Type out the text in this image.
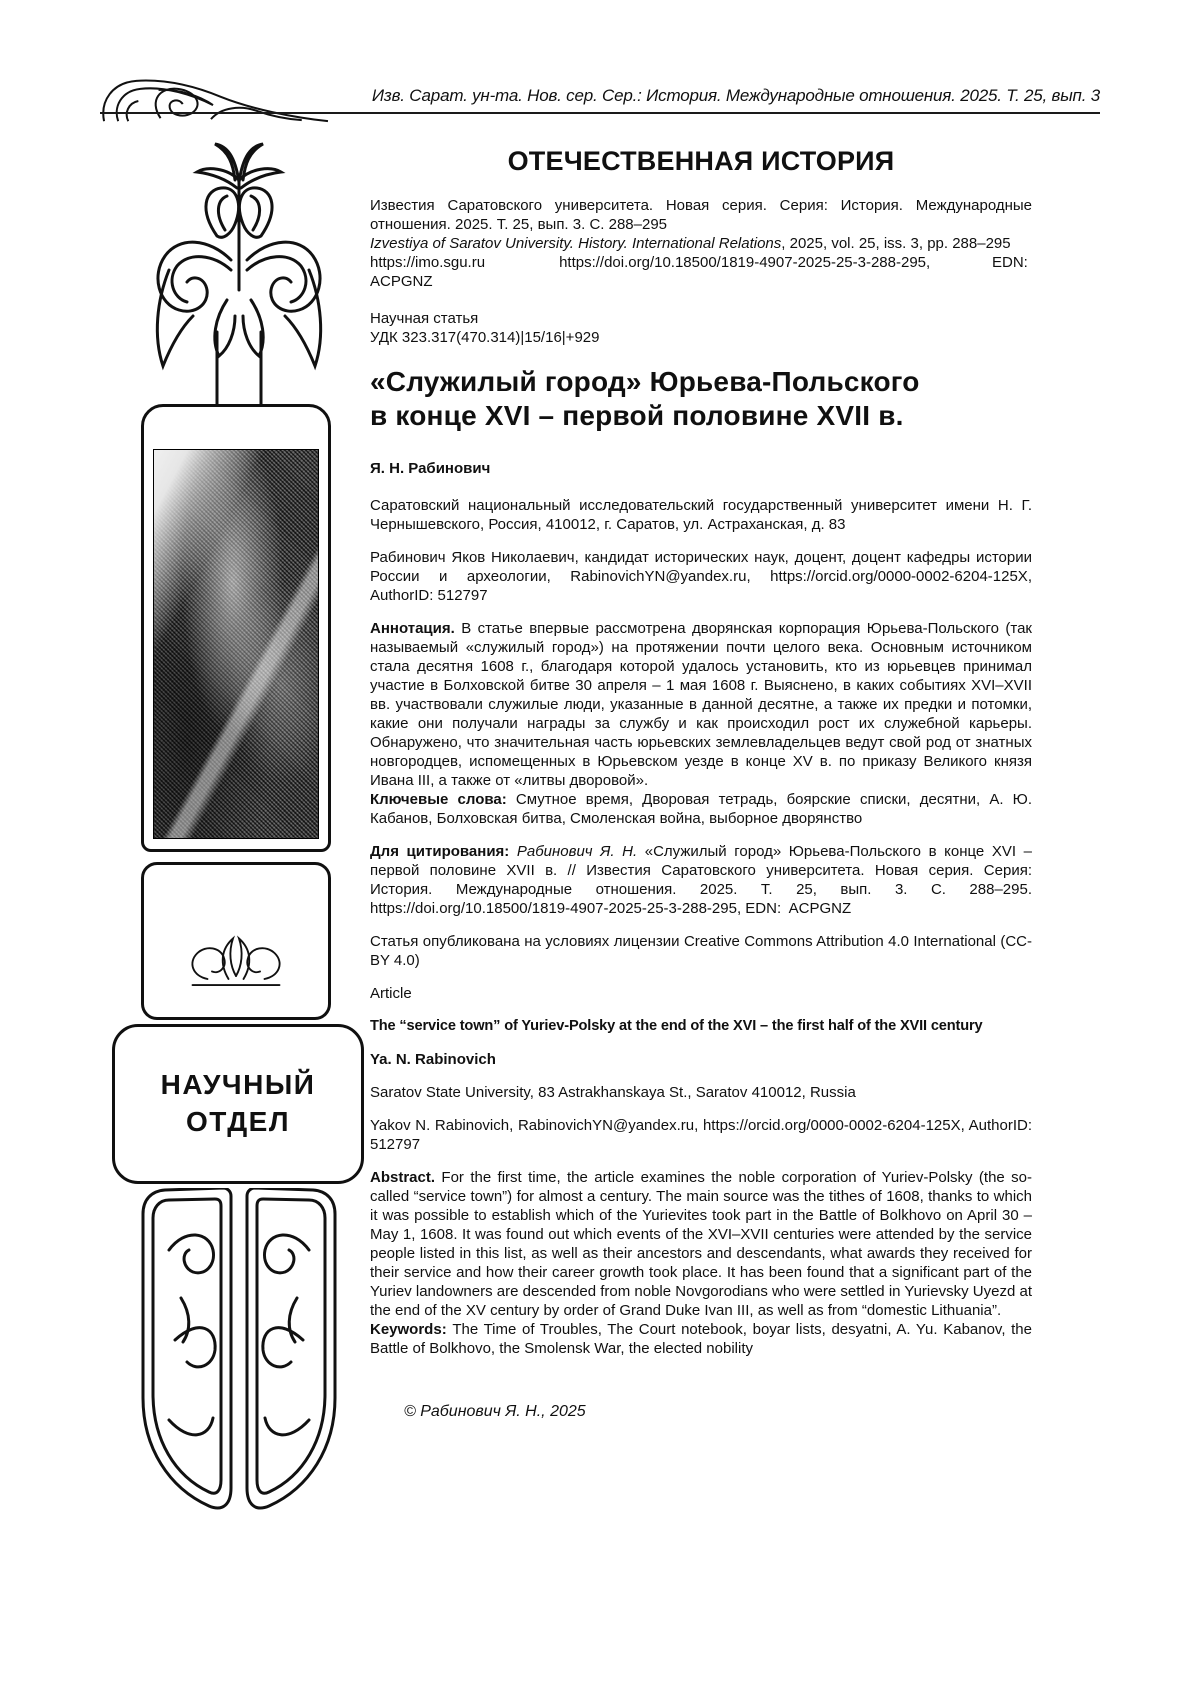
Изв. Сарат. ун-та. Нов. сер. Сер.: История. Международные отношения. 2025. Т. 25, вып. 3
НАУЧНЫЙ
ОТДЕЛ
ОТЕЧЕСТВЕННАЯ ИСТОРИЯ

Известия Саратовского университета. Новая серия. Серия: История. Международные отношения. 2025. Т. 25, вып. 3. С. 288–295

Izvestiya of Saratov University. History. International Relations, 2025, vol. 25, iss. 3, pp. 288–295

https://imo.sgu.ru	https://doi.org/10.18500/1819-4907-2025-25-3-288-295, EDN:  ACPGNZ

Научная статья

УДК 323.317(470.314)|15/16|+929

«Служилый город» Юрьева-Польского
в конце XVI – первой половине XVII в.

Я. Н. Рабинович

Саратовский национальный исследовательский государственный университет имени Н. Г. Чернышевского, Россия, 410012, г. Саратов, ул. Астраханская, д. 83

Рабинович Яков Николаевич, кандидат исторических наук, доцент, доцент кафедры истории России и археологии, RabinovichYN@yandex.ru, https://orcid.org/0000-0002-6204-125X, AuthorID: 512797

Аннотация. В статье впервые рассмотрена дворянская корпорация Юрьева-Польского (так называемый «служилый город») на протяжении почти целого века. Основным источником стала десятня 1608 г., благодаря которой удалось установить, кто из юрьевцев принимал участие в Болховской битве 30 апреля – 1 мая 1608 г. Выяснено, в каких событиях XVI–XVII вв. участвовали служилые люди, указанные в данной десятне, а также их предки и потомки, какие они получали награды за службу и как происходил рост их служебной карьеры. Обнаружено, что значительная часть юрьевских землевладельцев ведут свой род от знатных новгородцев, испомещенных в Юрьевском уезде в конце XV в. по приказу Великого князя Ивана III, а также от «литвы дворовой».

Ключевые слова: Смутное время, Дворовая тетрадь, боярские списки, десятни, А. Ю. Кабанов, Болховская битва, Смоленская война, выборное дворянство

Для цитирования: Рабинович Я. Н. «Служилый город» Юрьева-Польского в конце XVI – первой половине XVII в. // Известия Саратовского университета. Новая серия. Серия: История. Международные отношения. 2025. Т. 25, вып. 3. С. 288–295. https://doi.org/10.18500/1819-4907-2025-25-3-288-295, EDN:  ACPGNZ

Статья опубликована на условиях лицензии Creative Commons Attribution 4.0 International (CC-BY 4.0)

Article

The “service town” of Yuriev-Polsky at the end of the XVI – the first half of the XVII century

Ya. N. Rabinovich

Saratov State University, 83 Astrakhanskaya St., Saratov 410012, Russia

Yakov N. Rabinovich, RabinovichYN@yandex.ru, https://orcid.org/0000-0002-6204-125X, AuthorID: 512797

Abstract. For the first time, the article examines the noble corporation of Yuriev-Polsky (the so-called “service town”) for almost a century. The main source was the tithes of 1608, thanks to which it was possible to establish which of the Yurievites took part in the Battle of Bolkhovo on April 30 – May 1, 1608. It was found out which events of the XVI–XVII centuries were attended by the service people listed in this list, as well as their ancestors and descendants, what awards they received for their service and how their career growth took place. It has been found that a significant part of the Yuriev landowners are descended from noble Novgorodians who were settled in Yurievsky Uyezd at the end of the XV century by order of Grand Duke Ivan III, as well as from “domestic Lithuania”.

Keywords: The Time of Troubles, The Court notebook, boyar lists, desyatni, A. Yu. Kabanov, the Battle of Bolkhovo, the Smolensk War, the elected nobility

© Рабинович Я. Н., 2025
